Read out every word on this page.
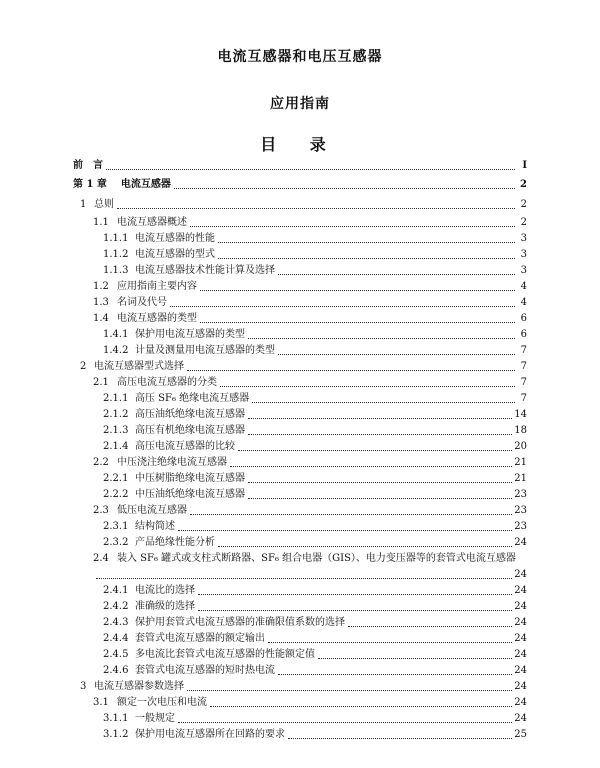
电流互感器和电压互感器
应用指南
目 录
前　言	I
第 1 章	电流互感器	2
1 总则	2
1.1 电流互感器概述	2
1.1.1 电流互感器的性能	3
1.1.2 电流互感器的型式	3
1.1.3 电流互感器技术性能计算及选择	3
1.2 应用指南主要内容	4
1.3 名词及代号	4
1.4 电流互感器的类型	6
1.4.1 保护用电流互感器的类型	6
1.4.2 计量及测量用电流互感器的类型	7
2 电流互感器型式选择	7
2.1 高压电流互感器的分类	7
2.1.1 高压 SF₆ 绝缘电流互感器	7
2.1.2 高压油纸绝缘电流互感器	14
2.1.3 高压有机绝缘电流互感器	18
2.1.4 高压电流互感器的比较	20
2.2 中压浇注绝缘电流互感器	21
2.2.1 中压树脂绝缘电流互感器	21
2.2.2 中压油纸绝缘电流互感器	23
2.3 低压电流互感器	23
2.3.1 结构简述	23
2.3.2 产品绝缘性能分析	24
2.4 装入 SF₆ 罐式或支柱式断路器、SF₆ 组合电器（GIS）、电力变压器等的套管式电流互感器
24
2.4.1 电流比的选择	24
2.4.2 准确级的选择	24
2.4.3 保护用套管式电流互感器的准确限值系数的选择	24
2.4.4 套管式电流互感器的额定输出	24
2.4.5 多电流比套管式电流互感器的性能额定值	24
2.4.6 套管式电流互感器的短时热电流	24
3 电流互感器参数选择	24
3.1 额定一次电压和电流	24
3.1.1 一般规定	24
3.1.2 保护用电流互感器所在回路的要求	25
